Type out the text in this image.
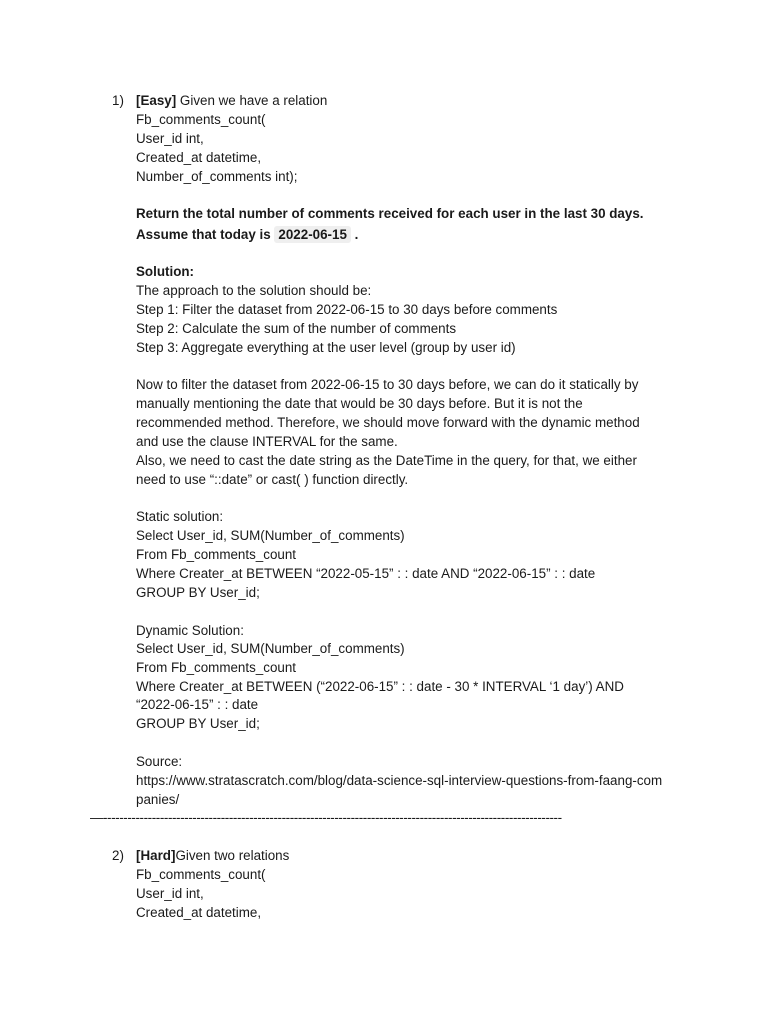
1) [Easy] Given we have a relation
Fb_comments_count(
User_id int,
Created_at datetime,
Number_of_comments int);
Return the total number of comments received for each user in the last 30 days.
Assume that today is 2022-06-15 .
Solution:
The approach to the solution should be:
Step 1: Filter the dataset from 2022-06-15 to 30 days before comments
Step 2: Calculate the sum of the number of comments
Step 3: Aggregate everything at the user level (group by user id)
Now to filter the dataset from 2022-06-15 to 30 days before, we can do it statically by
manually mentioning the date that would be 30 days before. But it is not the
recommended method. Therefore, we should move forward with the dynamic method
and use the clause INTERVAL for the same.
Also, we need to cast the date string as the DateTime in the query, for that, we either
need to use “::date” or cast( ) function directly.
Static solution:
Select User_id, SUM(Number_of_comments)
From Fb_comments_count
Where Creater_at BETWEEN “2022-05-15” : : date AND “2022-06-15” : : date
GROUP BY User_id;
Dynamic Solution:
Select User_id, SUM(Number_of_comments)
From Fb_comments_count
Where Creater_at BETWEEN (“2022-06-15” : : date - 30 * INTERVAL ‘1 day’) AND
“2022-06-15” : : date
GROUP BY User_id;
Source:
https://www.stratascratch.com/blog/data-science-sql-interview-questions-from-faang-com
panies/
—-----------------------------------------------------------------------------------------------------------------
2) [Hard]Given two relations
Fb_comments_count(
User_id int,
Created_at datetime,
